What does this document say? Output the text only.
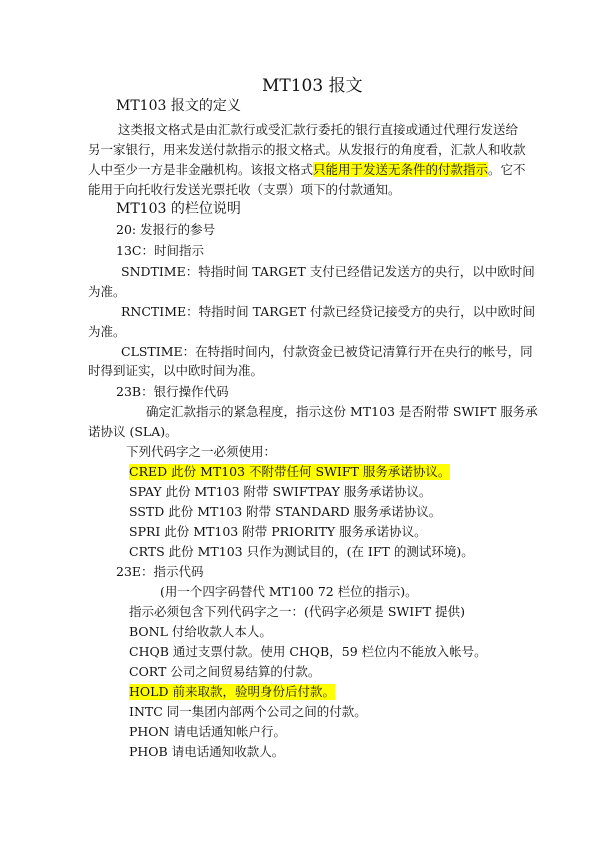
MT103 报文
MT103 报文的定义
这类报文格式是由汇款行或受汇款行委托的银行直接或通过代理行发送给
另一家银行，用来发送付款指示的报文格式。从发报行的角度看，汇款人和收款
人中至少一方是非金融机构。该报文格式只能用于发送无条件的付款指示。它不
能用于向托收行发送光票托收（支票）项下的付款通知。
MT103 的栏位说明
20: 发报行的参号
13C：时间指示
SNDTIME：特指时间 TARGET 支付已经借记发送方的央行，以中欧时间
为准。
RNCTIME：特指时间 TARGET 付款已经贷记接受方的央行，以中欧时间
为准。
CLSTIME：在特指时间内，付款资金已被贷记清算行开在央行的帐号，同
时得到证实，以中欧时间为准。
23B：银行操作代码
确定汇款指示的紧急程度，指示这份 MT103 是否附带 SWIFT 服务承
诺协议 (SLA)。
下列代码字之一必须使用：
CRED 此份 MT103 不附带任何 SWIFT 服务承诺协议。
SPAY 此份 MT103 附带 SWIFTPAY 服务承诺协议。
SSTD 此份 MT103 附带 STANDARD 服务承诺协议。
SPRI 此份 MT103 附带 PRIORITY 服务承诺协议。
CRTS 此份 MT103 只作为测试目的，(在 IFT 的测试环境)。
23E：指示代码
(用一个四字码替代 MT100 72 栏位的指示)。
指示必须包含下列代码字之一：(代码字必须是 SWIFT 提供)
BONL 付给收款人本人。
CHQB 通过支票付款。使用 CHQB，59 栏位内不能放入帐号。
CORT 公司之间贸易结算的付款。
HOLD 前来取款，验明身份后付款。
INTC 同一集团内部两个公司之间的付款。
PHON 请电话通知帐户行。
PHOB 请电话通知收款人。
